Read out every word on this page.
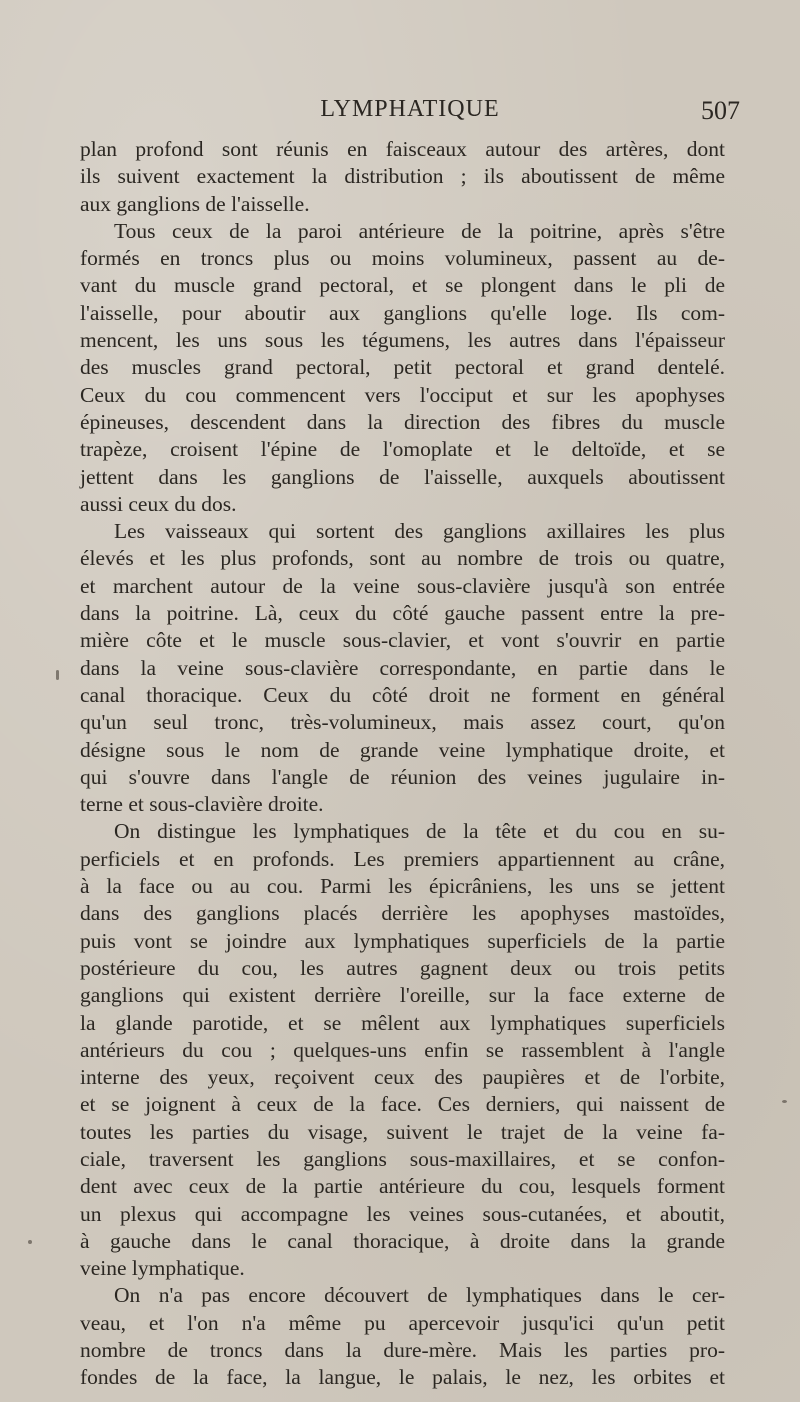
LYMPHATIQUE	507
plan profond sont réunis en faisceaux autour des artères, dont
ils suivent exactement la distribution ; ils aboutissent de même
aux ganglions de l'aisselle.
Tous ceux de la paroi antérieure de la poitrine, après s'être
formés en troncs plus ou moins volumineux, passent au de-
vant du muscle grand pectoral, et se plongent dans le pli de
l'aisselle, pour aboutir aux ganglions qu'elle loge. Ils com-
mencent, les uns sous les tégumens, les autres dans l'épaisseur
des muscles grand pectoral, petit pectoral et grand dentelé.
Ceux du cou commencent vers l'occiput et sur les apophyses
épineuses, descendent dans la direction des fibres du muscle
trapèze, croisent l'épine de l'omoplate et le deltoïde, et se
jettent dans les ganglions de l'aisselle, auxquels aboutissent
aussi ceux du dos.
Les vaisseaux qui sortent des ganglions axillaires les plus
élevés et les plus profonds, sont au nombre de trois ou quatre,
et marchent autour de la veine sous-clavière jusqu'à son entrée
dans la poitrine. Là, ceux du côté gauche passent entre la pre-
mière côte et le muscle sous-clavier, et vont s'ouvrir en partie
dans la veine sous-clavière correspondante, en partie dans le
canal thoracique. Ceux du côté droit ne forment en général
qu'un seul tronc, très-volumineux, mais assez court, qu'on
désigne sous le nom de grande veine lymphatique droite, et
qui s'ouvre dans l'angle de réunion des veines jugulaire in-
terne et sous-clavière droite.
On distingue les lymphatiques de la tête et du cou en su-
perficiels et en profonds. Les premiers appartiennent au crâne,
à la face ou au cou. Parmi les épicrâniens, les uns se jettent
dans des ganglions placés derrière les apophyses mastoïdes,
puis vont se joindre aux lymphatiques superficiels de la partie
postérieure du cou, les autres gagnent deux ou trois petits
ganglions qui existent derrière l'oreille, sur la face externe de
la glande parotide, et se mêlent aux lymphatiques superficiels
antérieurs du cou ; quelques-uns enfin se rassemblent à l'angle
interne des yeux, reçoivent ceux des paupières et de l'orbite,
et se joignent à ceux de la face. Ces derniers, qui naissent de
toutes les parties du visage, suivent le trajet de la veine fa-
ciale, traversent les ganglions sous-maxillaires, et se confon-
dent avec ceux de la partie antérieure du cou, lesquels forment
un plexus qui accompagne les veines sous-cutanées, et aboutit,
à gauche dans le canal thoracique, à droite dans la grande
veine lymphatique.
On n'a pas encore découvert de lymphatiques dans le cer-
veau, et l'on n'a même pu apercevoir jusqu'ici qu'un petit
nombre de troncs dans la dure-mère. Mais les parties pro-
fondes de la face, la langue, le palais, le nez, les orbites et
